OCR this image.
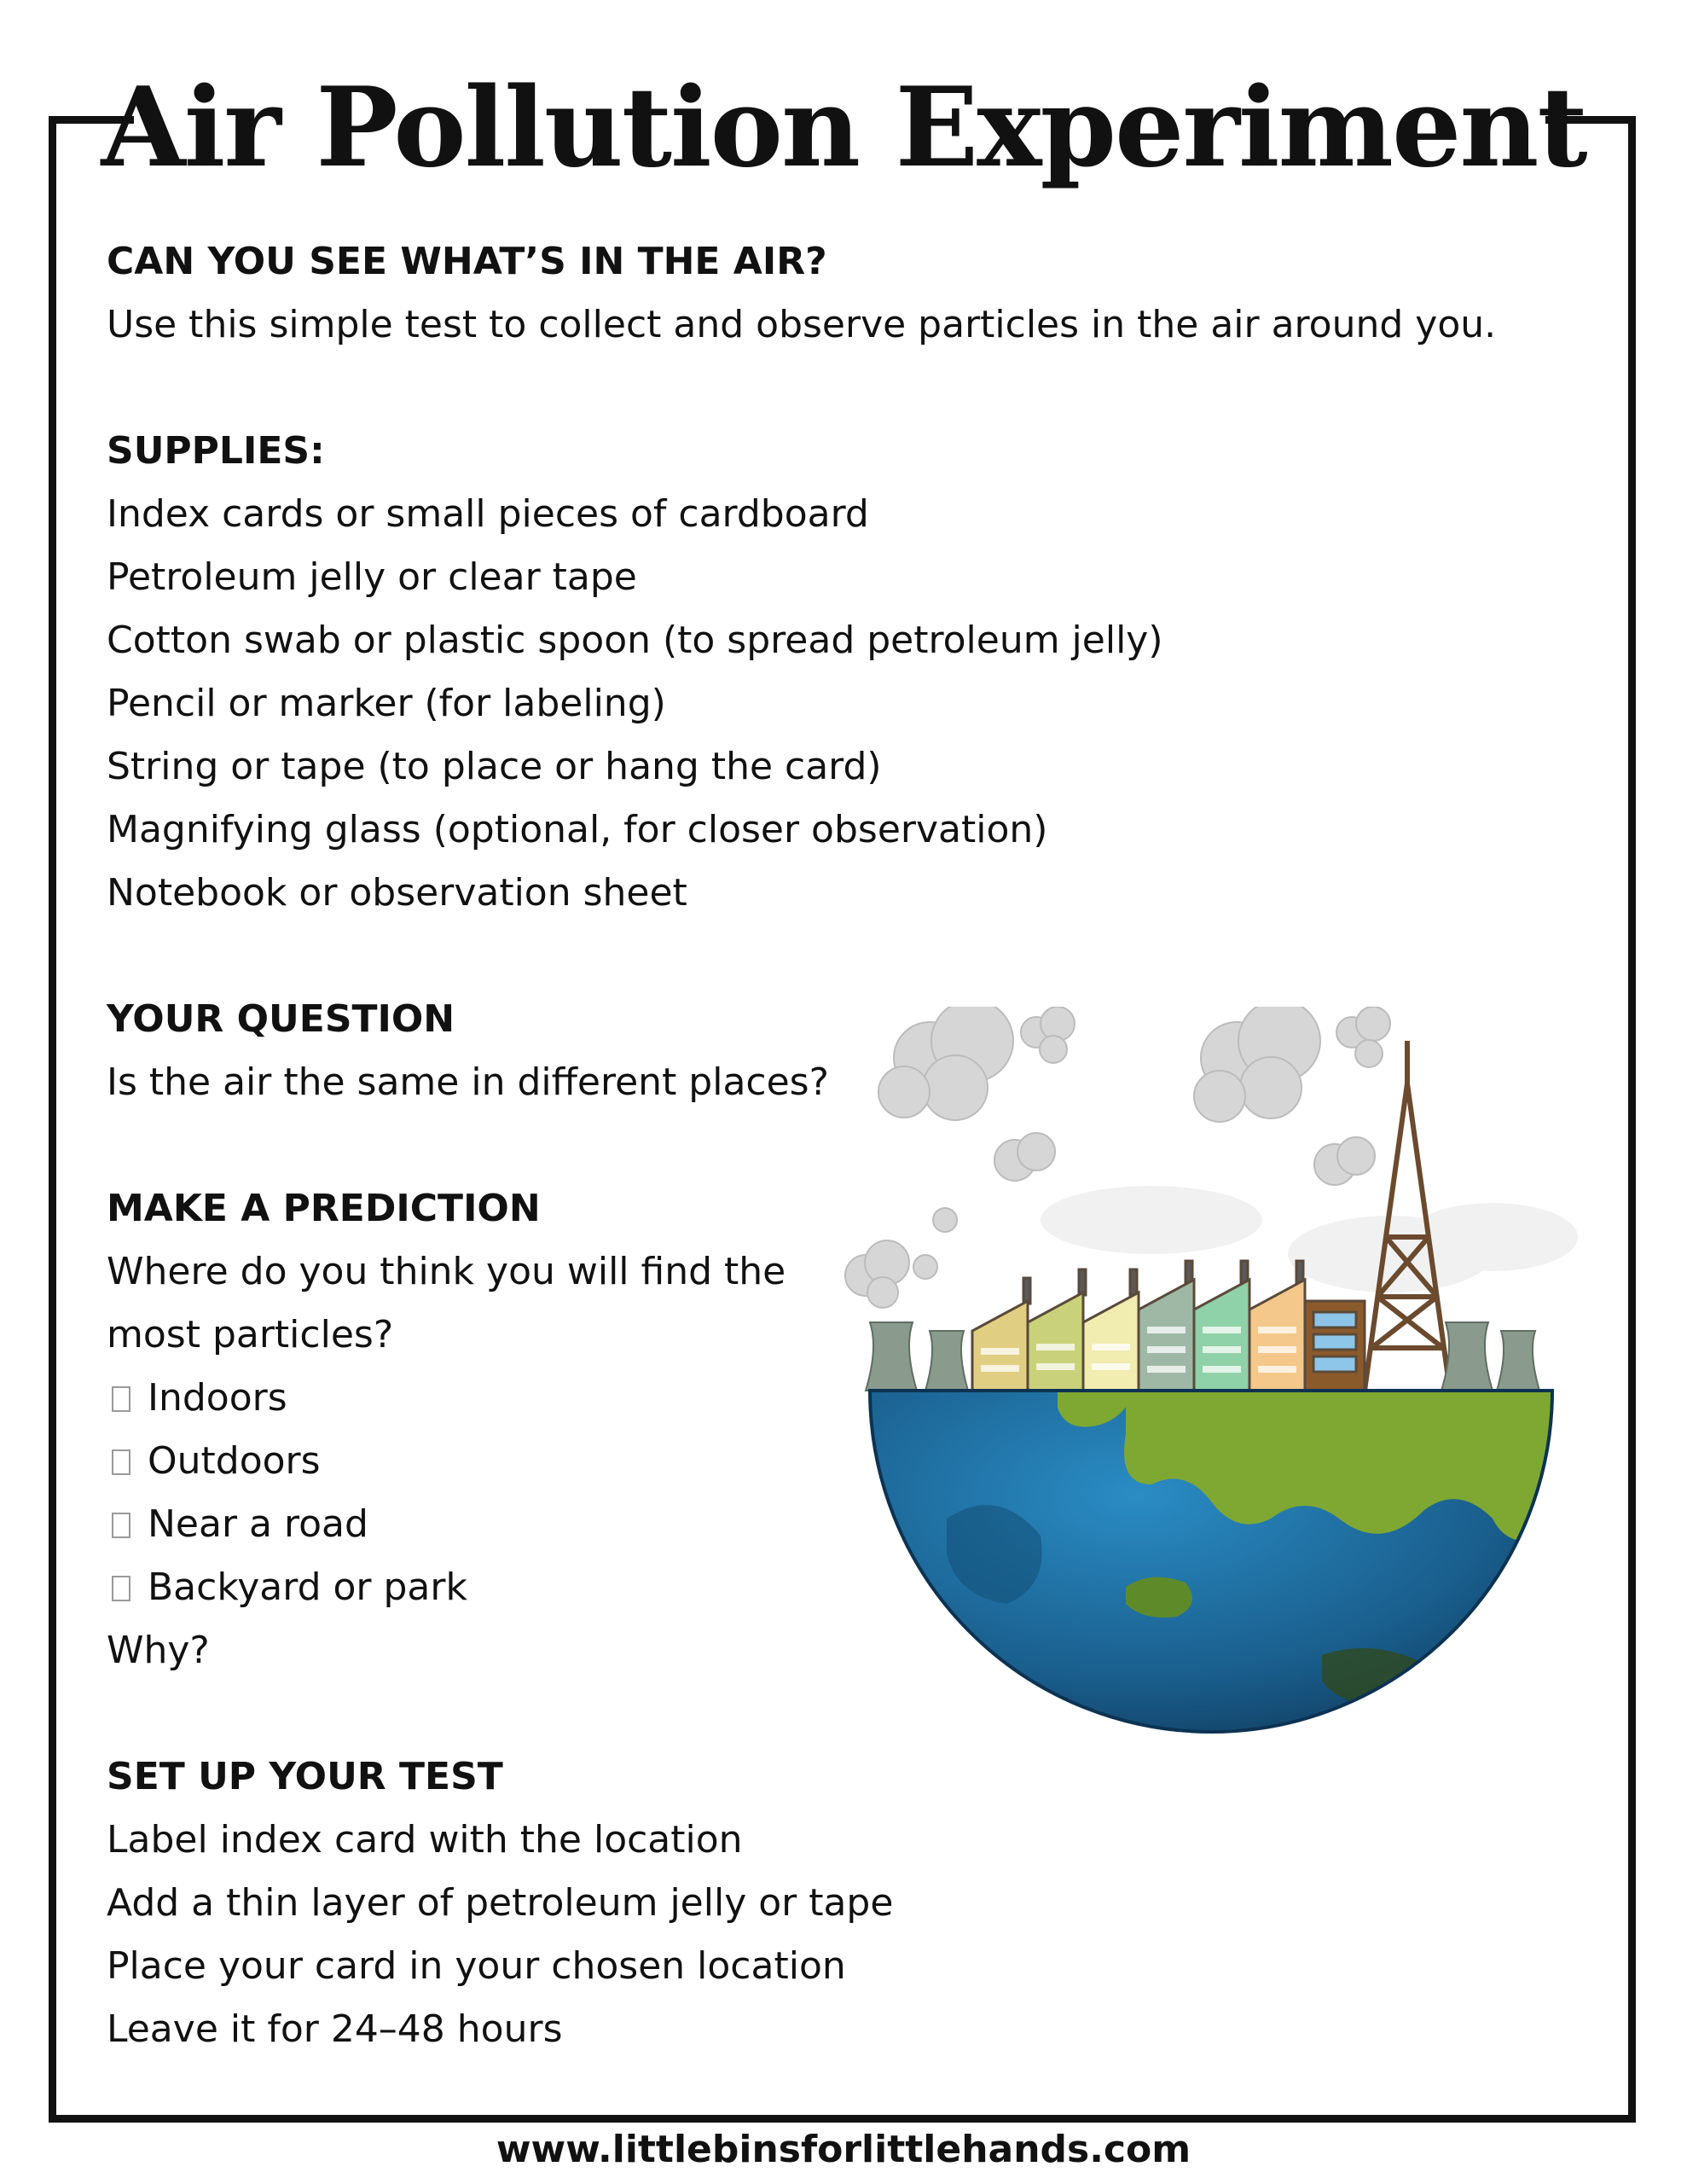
Air Pollution Experiment

CAN YOU SEE WHAT’S IN THE AIR?

Use this simple test to collect and observe particles in the air around you.

SUPPLIES:

Index cards or small pieces of cardboard

Petroleum jelly or clear tape

Cotton swab or plastic spoon (to spread petroleum jelly)

Pencil or marker (for labeling)

String or tape (to place or hang the card)

Magnifying glass (optional, for closer observation)

Notebook or observation sheet

YOUR QUESTION

Is the air the same in different places?

MAKE A PREDICTION

Where do you think you will find the

most particles?

Indoors

Outdoors

Near a road

Backyard or park

Why?

SET UP YOUR TEST

Label index card with the location

Add a thin layer of petroleum jelly or tape

Place your card in your chosen location

Leave it for 24–48 hours

www.littlebinsforlittlehands.com
